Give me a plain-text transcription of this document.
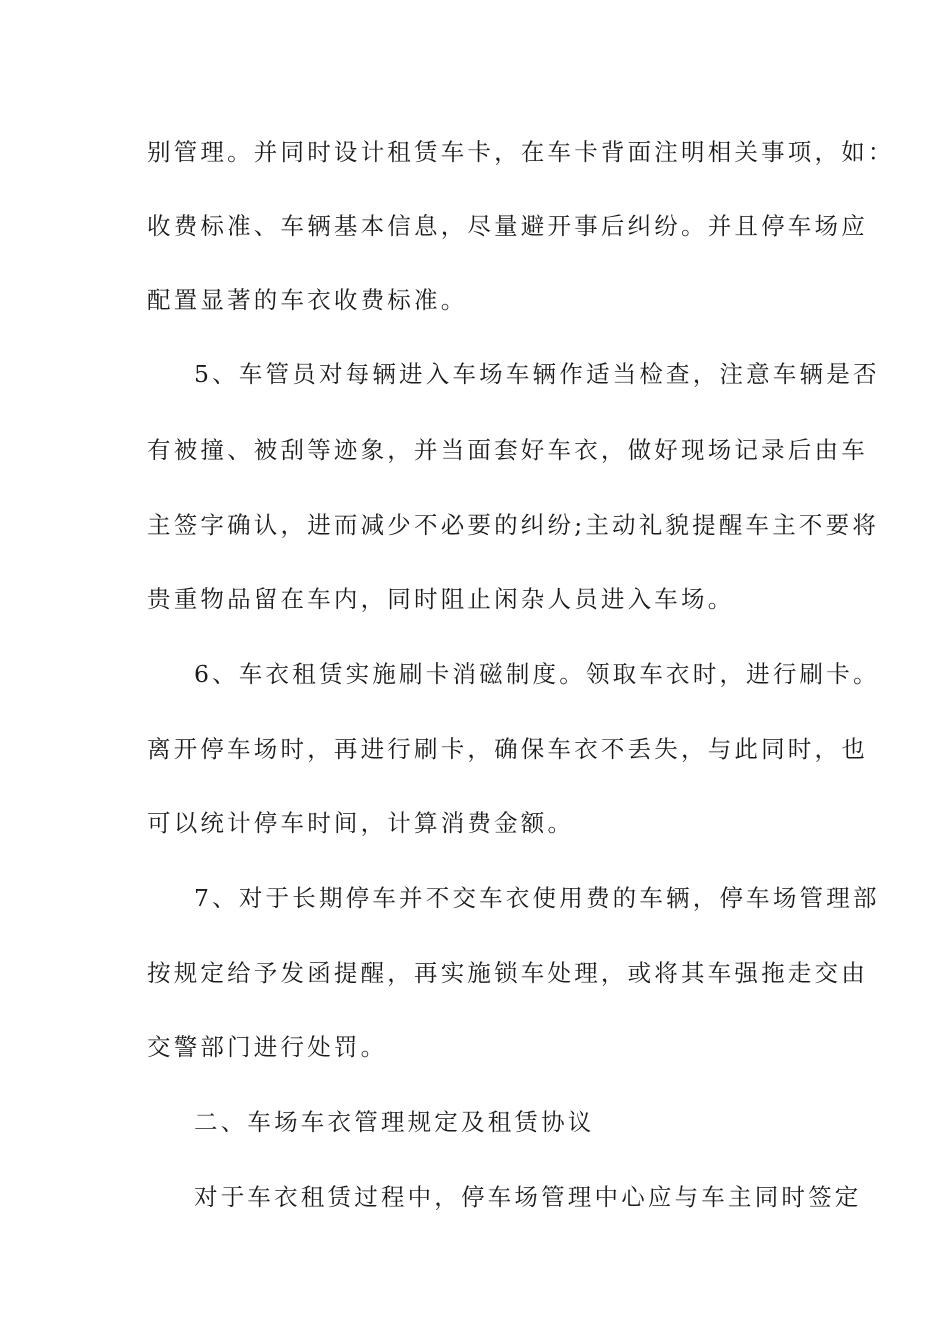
别管理。并同时设计租赁车卡，在车卡背面注明相关事项，如：
收费标准、车辆基本信息，尽量避开事后纠纷。并且停车场应
配置显著的车衣收费标准。
5、车管员对每辆进入车场车辆作适当检查，注意车辆是否
有被撞、被刮等迹象，并当面套好车衣，做好现场记录后由车
主签字确认，进而减少不必要的纠纷;主动礼貌提醒车主不要将
贵重物品留在车内，同时阻止闲杂人员进入车场。
6、车衣租赁实施刷卡消磁制度。领取车衣时，进行刷卡。
离开停车场时，再进行刷卡，确保车衣不丢失，与此同时，也
可以统计停车时间，计算消费金额。
7、对于长期停车并不交车衣使用费的车辆，停车场管理部
按规定给予发函提醒，再实施锁车处理，或将其车强拖走交由
交警部门进行处罚。
二、车场车衣管理规定及租赁协议
对于车衣租赁过程中，停车场管理中心应与车主同时签定
